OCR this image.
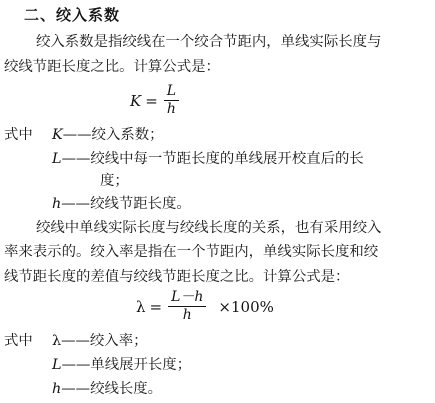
二、绞入系数
绞入系数是指绞线在一个绞合节距内，单线实际长度与
绞线节距长度之比。计算公式是：
$K = \frac{L}{h}$
式中 K——绞入系数；
L——绞线中每一节距长度的单线展开校直后的长
度；
h——绞线节距长度。
绞线中单线实际长度与绞线长度的关系，也有采用绞入
率来表示的。绞入率是指在一个节距内，单线实际长度和绞
线节距长度的差值与绞线节距长度之比。计算公式是：
$\lambda = \frac{L-h}{h} \times 100\%$
式中 λ——绞入率；
L——单线展开长度；
h——绞线长度。
